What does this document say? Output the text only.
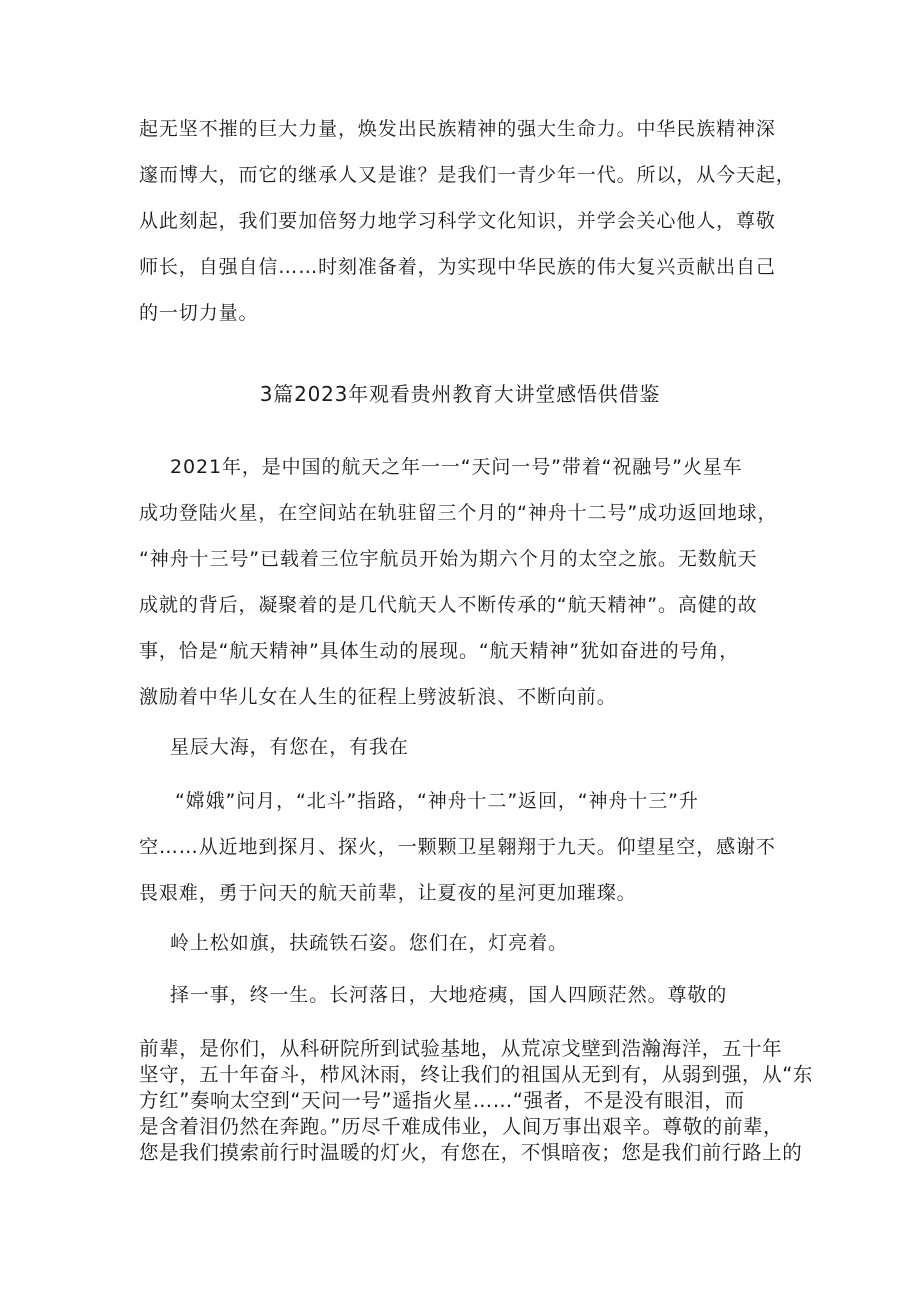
起无坚不摧的巨大力量，焕发出民族精神的强大生命力。中华民族精神深
邃而博大，而它的继承人又是谁？是我们一青少年一代。所以，从今天起，
从此刻起，我们要加倍努力地学习科学文化知识，并学会关心他人，尊敬
师长，自强自信……时刻准备着，为实现中华民族的伟大复兴贡献出自己
的一切力量。
3篇2023年观看贵州教育大讲堂感悟供借鉴
2021年，是中国的航天之年一一“天问一号”带着“祝融号”火星车
成功登陆火星，在空间站在轨驻留三个月的“神舟十二号”成功返回地球，
“神舟十三号”已载着三位宇航员开始为期六个月的太空之旅。无数航天
成就的背后，凝聚着的是几代航天人不断传承的“航天精神”。高健的故
事，恰是“航天精神”具体生动的展现。“航天精神”犹如奋进的号角，
激励着中华儿女在人生的征程上劈波斩浪、不断向前。
星辰大海，有您在，有我在
“嫦娥”问月，“北斗”指路，“神舟十二”返回，“神舟十三”升
空……从近地到探月、探火，一颗颗卫星翱翔于九天。仰望星空，感谢不
畏艰难，勇于问天的航天前辈，让夏夜的星河更加璀璨。
岭上松如旗，扶疏铁石姿。您们在，灯亮着。
择一事，终一生。长河落日，大地疮痍，国人四顾茫然。尊敬的
前辈，是你们，从科研院所到试验基地，从荒凉戈壁到浩瀚海洋，五十年
坚守，五十年奋斗，栉风沐雨，终让我们的祖国从无到有，从弱到强，从“东
方红”奏响太空到“天问一号”遥指火星……“强者，不是没有眼泪，而
是含着泪仍然在奔跑。”历尽千难成伟业，人间万事出艰辛。尊敬的前辈，
您是我们摸索前行时温暖的灯火，有您在，不惧暗夜；您是我们前行路上的
